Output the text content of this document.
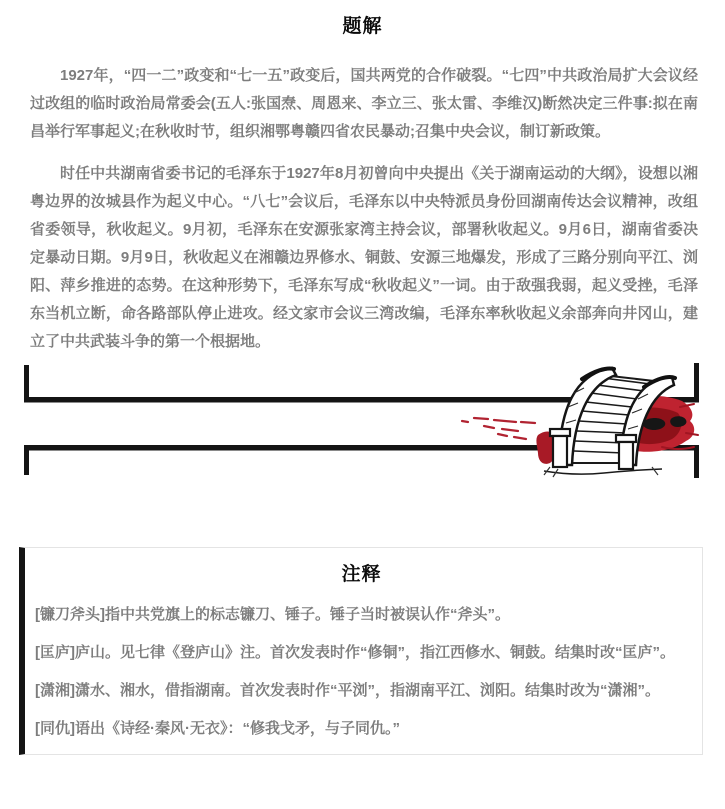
题解

1927年，“四一二”政变和“七一五”政变后，国共两党的合作破裂。“七四”中共政治局扩大会议经过改组的临时政治局常委会(五人:张国焘、周恩来、李立三、张太雷、李维汉)断然决定三件事:拟在南昌举行军事起义;在秋收时节，组织湘鄂粤赣四省农民暴动;召集中央会议，制订新政策。

时任中共湖南省委书记的毛泽东于1927年8月初曾向中央提出《关于湖南运动的大纲》，设想以湘粤边界的汝城县作为起义中心。“八七”会议后，毛泽东以中央特派员身份回湖南传达会议精神，改组省委领导，秋收起义。9月初，毛泽东在安源张家湾主持会议，部署秋收起义。9月6日，湖南省委决定暴动日期。9月9日，秋收起义在湘赣边界修水、铜鼓、安源三地爆发，形成了三路分别向平江、浏阳、萍乡推进的态势。在这种形势下，毛泽东写成“秋收起义”一词。由于敌强我弱，起义受挫，毛泽东当机立断，命各路部队停止进攻。经文家市会议三湾改编，毛泽东率秋收起义余部奔向井冈山，建立了中共武装斗争的第一个根据地。

注释

[镰刀斧头]指中共党旗上的标志镰刀、锤子。锤子当时被误认作“斧头”。

[匡庐]庐山。见七律《登庐山》注。首次发表时作“修铜”，指江西修水、铜鼓。结集时改“匡庐”。

[潇湘]潇水、湘水，借指湖南。首次发表时作“平浏”，指湖南平江、浏阳。结集时改为“潇湘”。

[同仇]语出《诗经·秦风·无衣》：“修我戈矛，与子同仇。”
